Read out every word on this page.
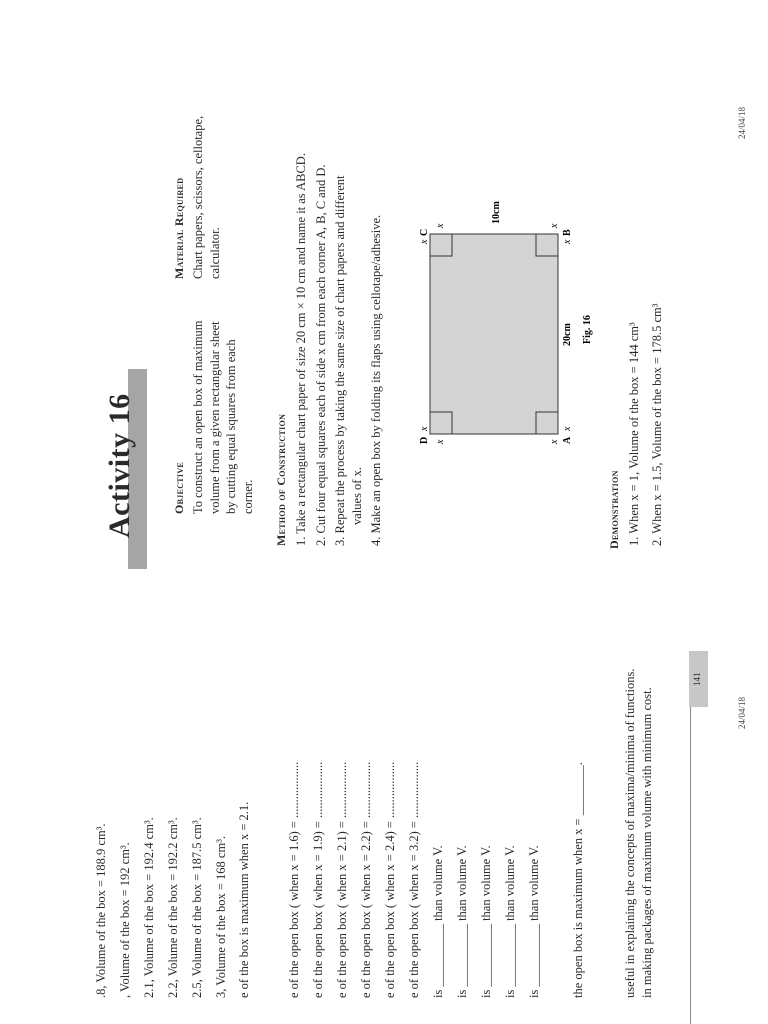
.8, Volume of the box = 188.9 cm³. , Volume of the box = 192 cm³. 2.1, Volume of the box = 192.4 cm³. 2.2, Volume of the box = 192.2 cm³. 2.5, Volume of the box = 187.5 cm³. 3, Volume of the box = 168 cm³. e of the box is maximum when x = 2.1.	e of the open box ( when x = 1.6) = .................. e of the open box ( when x = 1.9) = .................. e of the open box ( when x = 2.1) = .................. e of the open box ( when x = 2.2) = .................. e of the open box ( when x = 2.4) = .................. e of the open box ( when x = 3.2) = .................. is __________ than volume V. is __________ than volume V. is __________ than volume V. is __________ than volume V. is __________ than volume V. the open box is maximum when x = ________.	useful in explaining the concepts of maxima/minima of functions. in making packages of maximum volume with minimum cost.
141
24/04/18
Activity 16	Objective To construct an open box of maximum volume from a given rectangular sheet by cutting equal squares from each corner.
Material Required Chart papers, scissors, cellotape, calculator.
Method of Construction 1. Take a rectangular chart paper of size 20 cm × 10 cm and name it as ABCD. 2. Cut four equal squares each of side x cm from each corner A, B, C and D. 3. Repeat the process by taking the same size of chart papers and different values of x. 4. Make an open box by folding its flaps using cellotape/adhesive.	D
x
x
x
C
x
x A
x
x
x
B
20cm
10cm
Fig. 16
Demonstration 1. When x = 1, Volume of the box = 144 cm³ 2. When x = 1.5, Volume of the box = 178.5 cm³
24/04/18
